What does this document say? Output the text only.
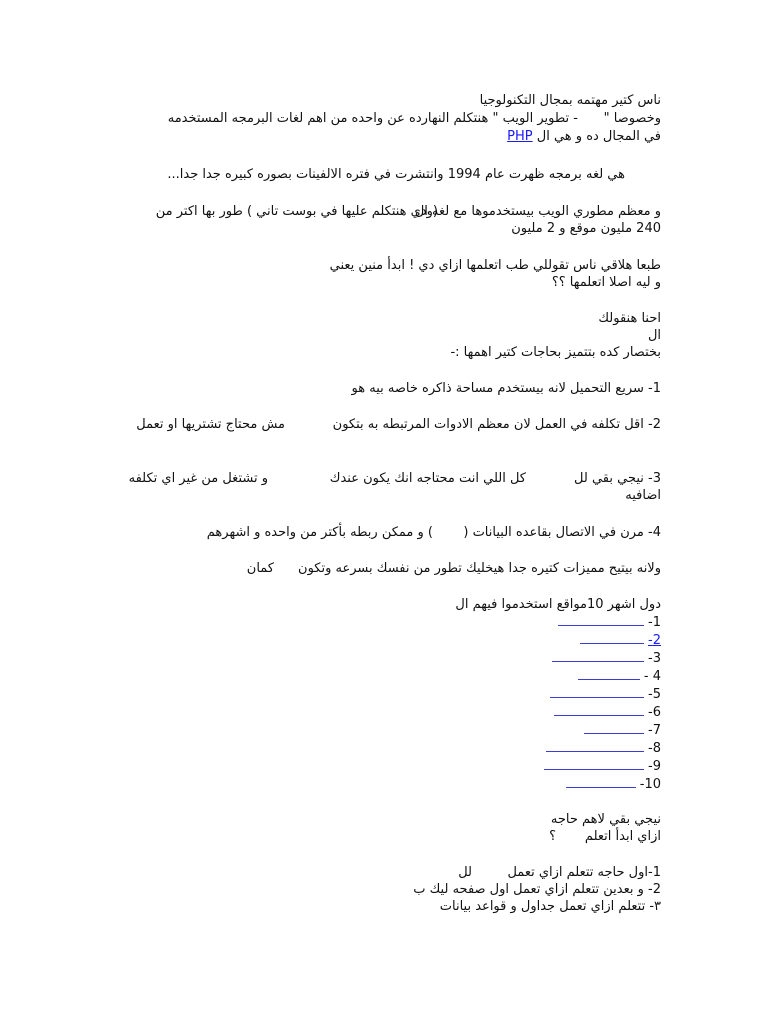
ناس كتير مهتمه بمجال التكنولوجيا
وخصوصا "
- تطوير الويب " هنتكلم النهارده عن واحده من اهم لغات البرمجه المستخدمه
في المجال ده و هي ال PHP
هي لغه برمجه ظهرت عام 1994 وانتشرت في فتره الالفينات بصوره كبيره جدا جدا...
و معظم مطوري الويب بيستخدموها مع لغه ال
(ودي هنتكلم عليها في بوست تاني ) طور بها اكتر من
240 مليون موقع و 2 مليون
طبعا هلاقي ناس تقوللي طب اتعلمها ازاي دي ! ابدأ منين يعني
و ليه اصلا اتعلمها ؟؟
احنا هنقولك
ال
بختصار كده بتتميز بحاجات كتير اهمها :-
1- سريع التحميل لانه بيستخدم مساحة ذاكره خاصه بيه هو
2- اقل تكلفه في العمل لان معظم الادوات المرتبطه به بتكون
مش محتاج تشتريها او تعمل
3- نيجي بقي لل
كل اللي انت محتاجه انك يكون عندك
و تشتغل من غير اي تكلفه
اضافيه
4- مرن في الاتصال بقاعده البيانات (
) و ممكن ربطه بأكتر من واحده و اشهرهم
ولانه بيتيح مميزات كتيره جدا هيخليك تطور من نفسك بسرعه وتكون
كمان
دول اشهر 10مواقع استخدموا فيهم ال
1-
2-
3-
4 -
5-
6-
7-
8-
9-
10-
نيجي بقي لاهم حاجه
ازاي ابدأ اتعلم
؟
1-اول حاجه تتعلم ازاي تعمل
لل
2- و بعدين تتعلم ازاي تعمل اول صفحه ليك ب
٣- تتعلم ازاي تعمل جداول و قواعد بيانات
